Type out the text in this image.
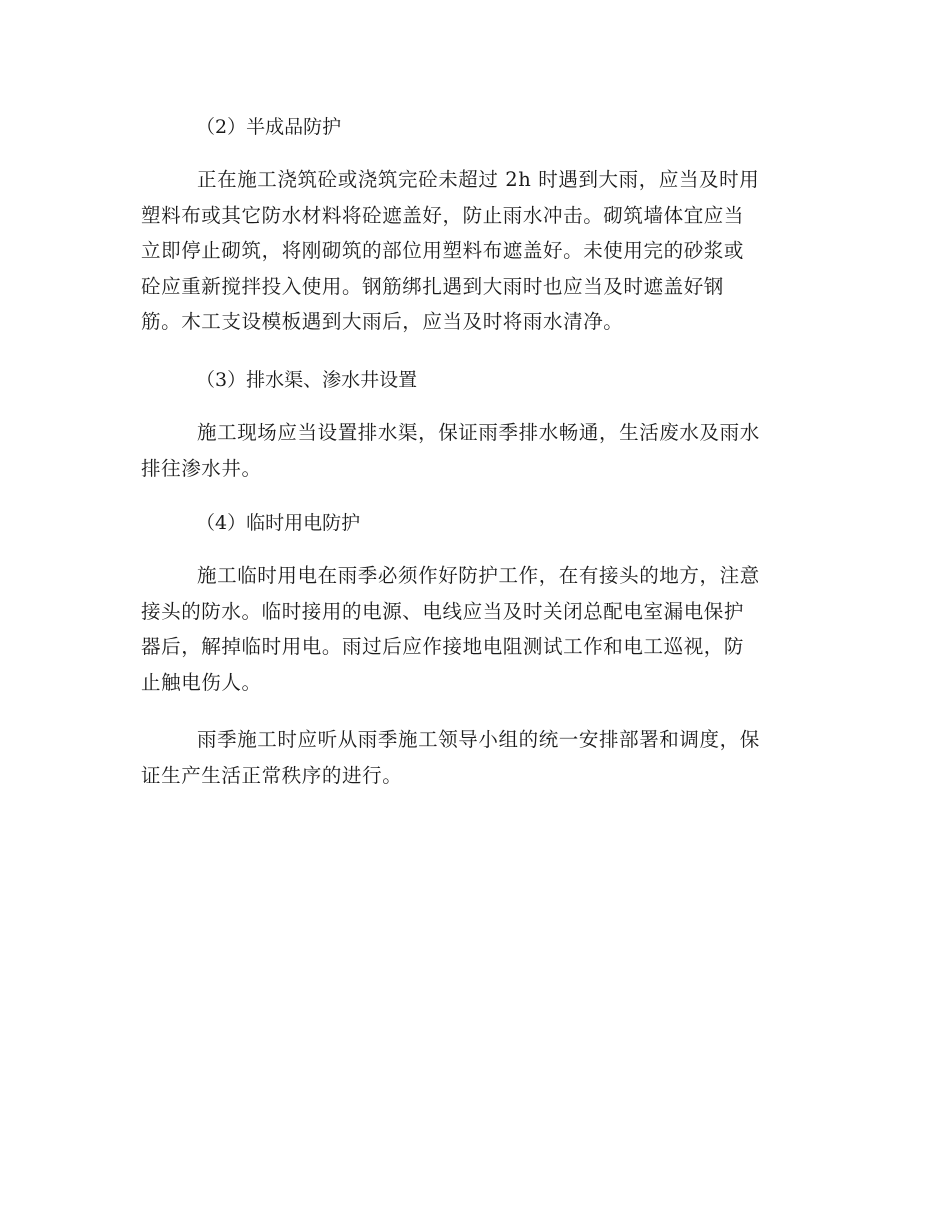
（2）半成品防护

正在施工浇筑砼或浇筑完砼未超过 2h 时遇到大雨，应当及时用
塑料布或其它防水材料将砼遮盖好，防止雨水冲击。砌筑墙体宜应当
立即停止砌筑，将刚砌筑的部位用塑料布遮盖好。未使用完的砂浆或
砼应重新搅拌投入使用。钢筋绑扎遇到大雨时也应当及时遮盖好钢
筋。木工支设模板遇到大雨后，应当及时将雨水清净。

（3）排水渠、渗水井设置

施工现场应当设置排水渠，保证雨季排水畅通，生活废水及雨水
排往渗水井。

（4）临时用电防护

施工临时用电在雨季必须作好防护工作，在有接头的地方，注意
接头的防水。临时接用的电源、电线应当及时关闭总配电室漏电保护
器后，解掉临时用电。雨过后应作接地电阻测试工作和电工巡视，防
止触电伤人。

雨季施工时应听从雨季施工领导小组的统一安排部署和调度，保
证生产生活正常秩序的进行。
